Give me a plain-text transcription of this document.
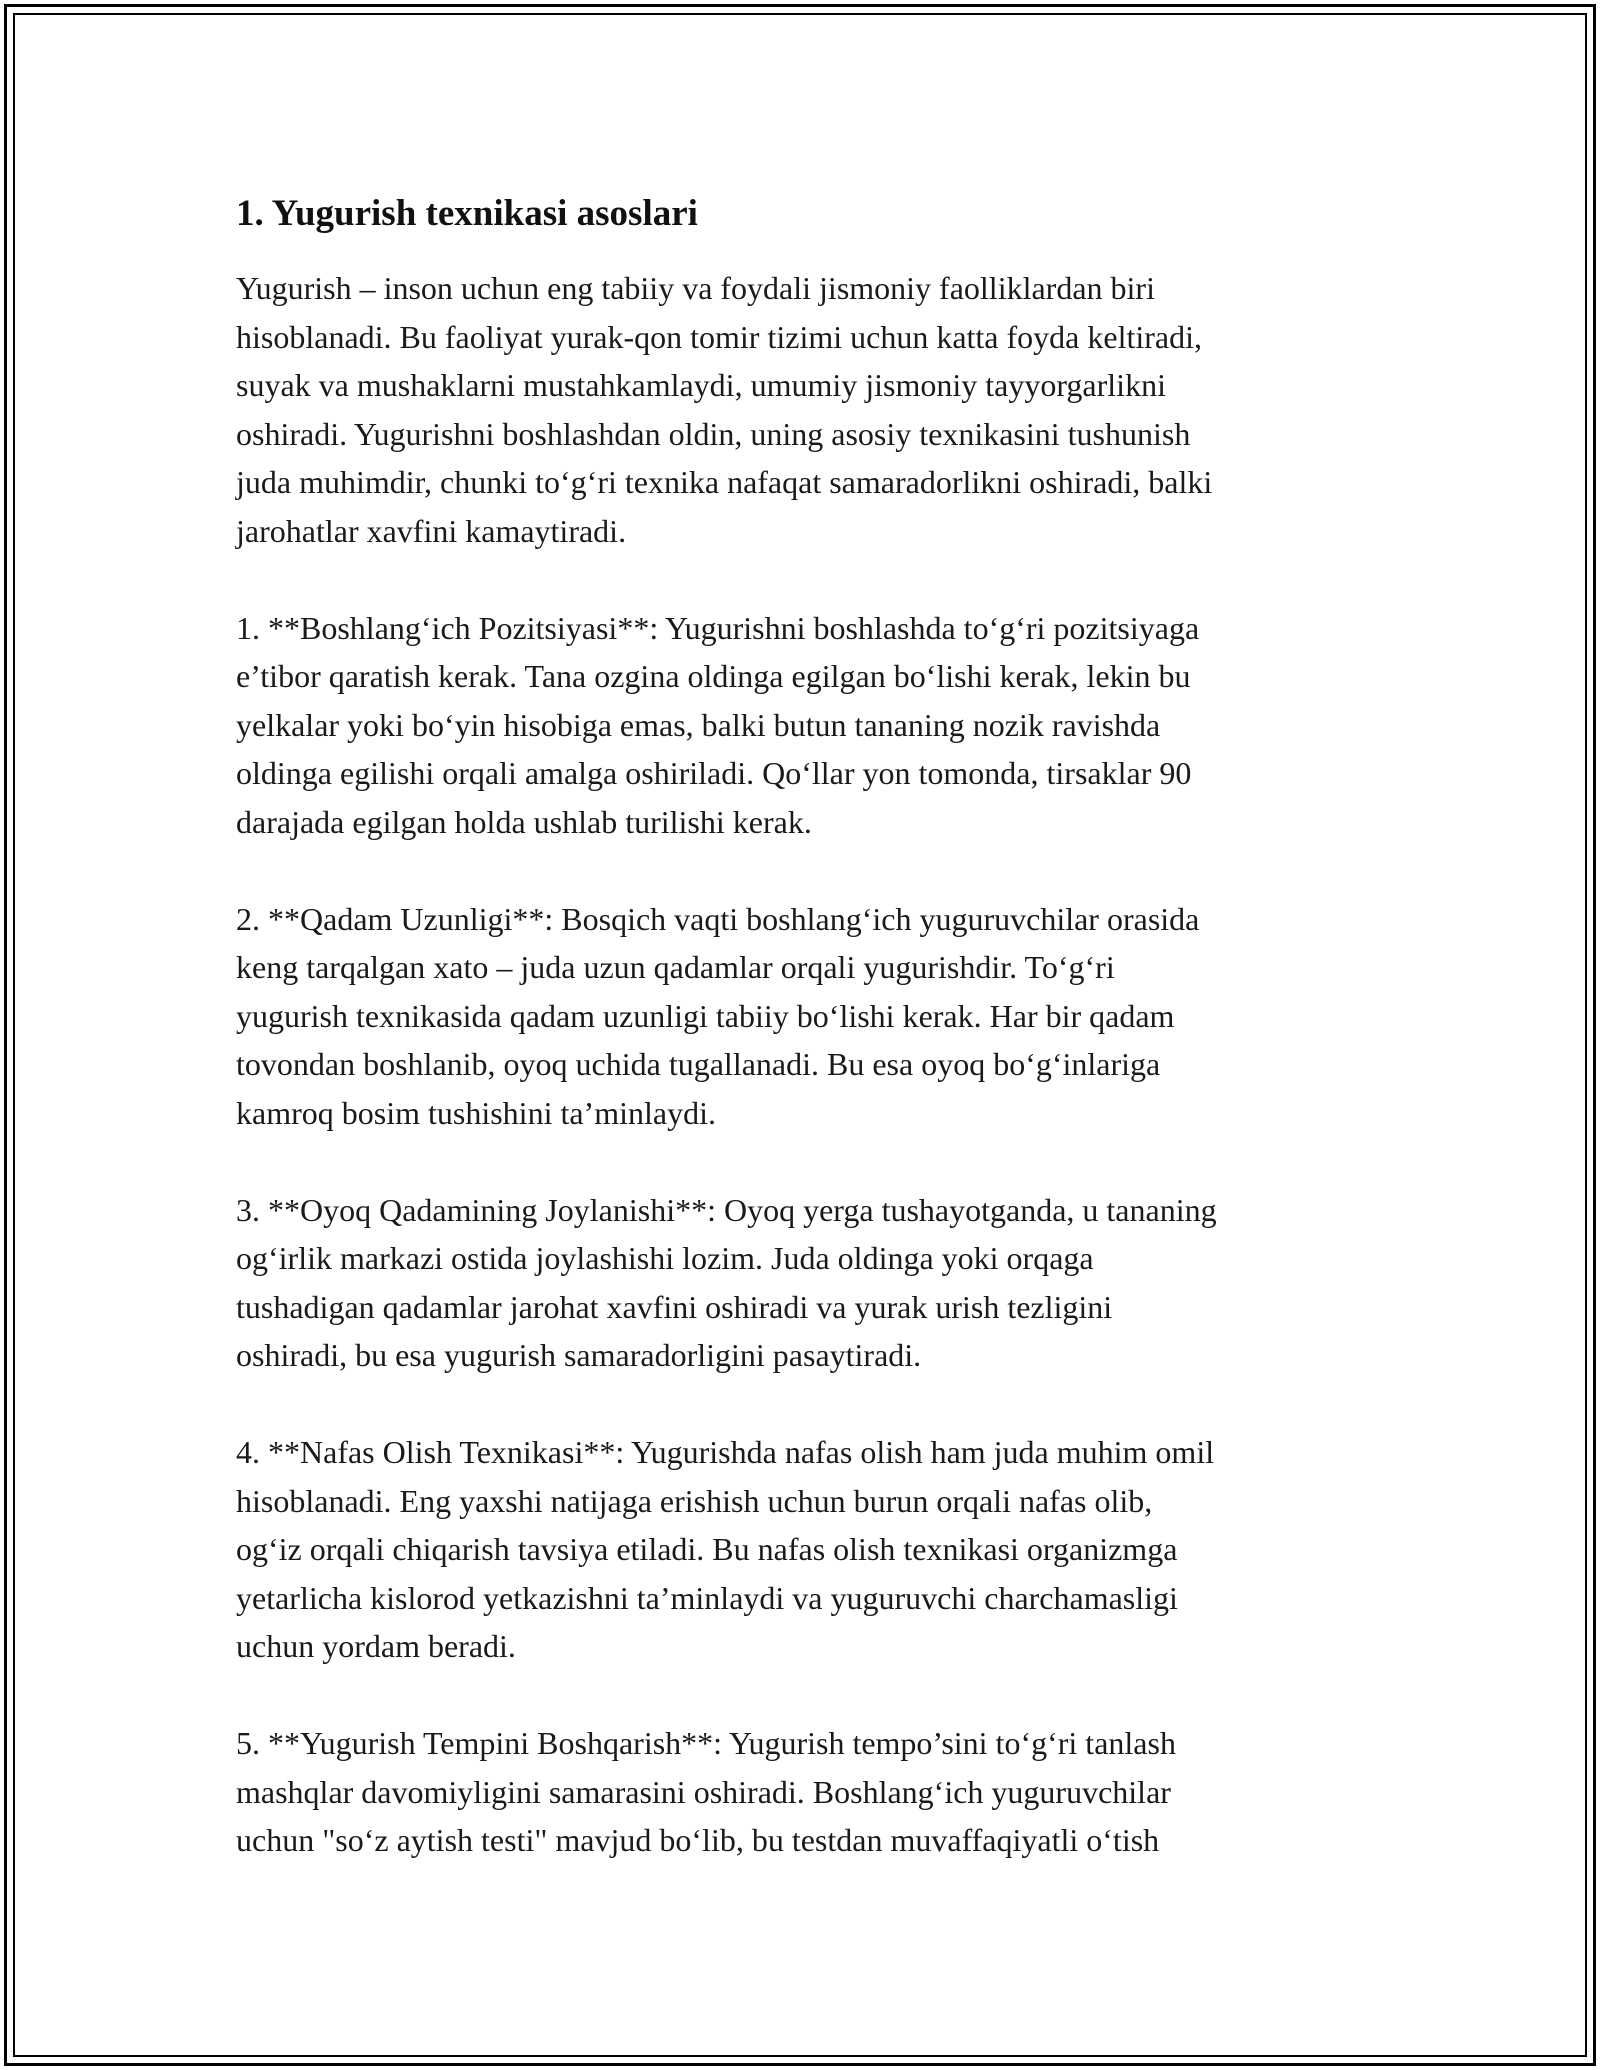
1. Yugurish texnikasi asoslari

Yugurish – inson uchun eng tabiiy va foydali jismoniy faolliklardan biri
hisoblanadi. Bu faoliyat yurak-qon tomir tizimi uchun katta foyda keltiradi,
suyak va mushaklarni mustahkamlaydi, umumiy jismoniy tayyorgarlikni
oshiradi. Yugurishni boshlashdan oldin, uning asosiy texnikasini tushunish
juda muhimdir, chunki to‘g‘ri texnika nafaqat samaradorlikni oshiradi, balki
jarohatlar xavfini kamaytiradi.

1. **Boshlang‘ich Pozitsiyasi**: Yugurishni boshlashda to‘g‘ri pozitsiyaga
e’tibor qaratish kerak. Tana ozgina oldinga egilgan bo‘lishi kerak, lekin bu
yelkalar yoki bo‘yin hisobiga emas, balki butun tananing nozik ravishda
oldinga egilishi orqali amalga oshiriladi. Qo‘llar yon tomonda, tirsaklar 90
darajada egilgan holda ushlab turilishi kerak.

2. **Qadam Uzunligi**: Bosqich vaqti boshlang‘ich yuguruvchilar orasida
keng tarqalgan xato – juda uzun qadamlar orqali yugurishdir. To‘g‘ri
yugurish texnikasida qadam uzunligi tabiiy bo‘lishi kerak. Har bir qadam
tovondan boshlanib, oyoq uchida tugallanadi. Bu esa oyoq bo‘g‘inlariga
kamroq bosim tushishini ta’minlaydi.

3. **Oyoq Qadamining Joylanishi**: Oyoq yerga tushayotganda, u tananing
og‘irlik markazi ostida joylashishi lozim. Juda oldinga yoki orqaga
tushadigan qadamlar jarohat xavfini oshiradi va yurak urish tezligini
oshiradi, bu esa yugurish samaradorligini pasaytiradi.

4. **Nafas Olish Texnikasi**: Yugurishda nafas olish ham juda muhim omil
hisoblanadi. Eng yaxshi natijaga erishish uchun burun orqali nafas olib,
og‘iz orqali chiqarish tavsiya etiladi. Bu nafas olish texnikasi organizmga
yetarlicha kislorod yetkazishni ta’minlaydi va yuguruvchi charchamasligi
uchun yordam beradi.

5. **Yugurish Tempini Boshqarish**: Yugurish tempo’sini to‘g‘ri tanlash
mashqlar davomiyligini samarasini oshiradi. Boshlang‘ich yuguruvchilar
uchun "so‘z aytish testi" mavjud bo‘lib, bu testdan muvaffaqiyatli o‘tish
